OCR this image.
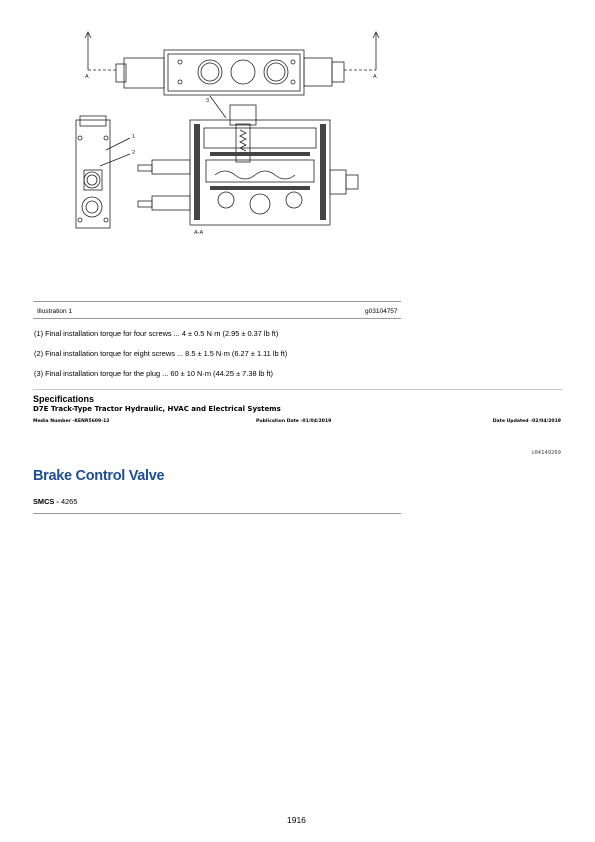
A	A
A-A
1
2
3
Illustration 1	g03104757
(1) Final installation torque for four screws ... 4 ± 0.5 N·m (2.95 ± 0.37 lb ft)
(2) Final installation torque for eight screws ... 8.5 ± 1.5 N·m (6.27 ± 1.11 lb ft)
(3) Final installation torque for the plug ... 60 ± 10 N·m (44.25 ± 7.38 lb ft)
Specifications
D7E Track-Type Tractor Hydraulic, HVAC and Electrical Systems
Media Number -KENR5609-12	Publication Date -01/04/2019	Date Updated -02/04/2019
i04149269
Brake Control Valve
SMCS - 4265
1916
